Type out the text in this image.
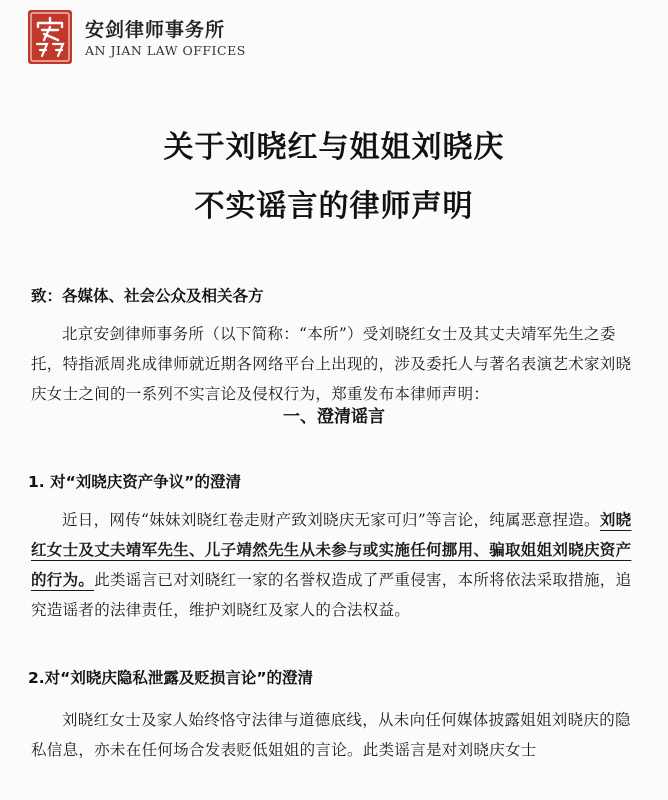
安剑律师事务所
AN JIAN LAW OFFICES
关于刘晓红与姐姐刘晓庆
不实谣言的律师声明
致：各媒体、社会公众及相关各方
北京安剑律师事务所（以下简称：“本所”）受刘晓红女士及其丈夫靖军先生之委托，特指派周兆成律师就近期各网络平台上出现的，涉及委托人与著名表演艺术家刘晓庆女士之间的一系列不实言论及侵权行为，郑重发布本律师声明：
一、澄清谣言
1. 对“刘晓庆资产争议”的澄清
近日，网传“妹妹刘晓红卷走财产致刘晓庆无家可归”等言论，纯属恶意捏造。刘晓红女士及丈夫靖军先生、儿子靖然先生从未参与或实施任何挪用、骗取姐姐刘晓庆资产的行为。此类谣言已对刘晓红一家的名誉权造成了严重侵害，本所将依法采取措施，追究造谣者的法律责任，维护刘晓红及家人的合法权益。
2.对“刘晓庆隐私泄露及贬损言论”的澄清
刘晓红女士及家人始终恪守法律与道德底线，从未向任何媒体披露姐姐刘晓庆的隐私信息，亦未在任何场合发表贬低姐姐的言论。此类谣言是对刘晓庆女士
